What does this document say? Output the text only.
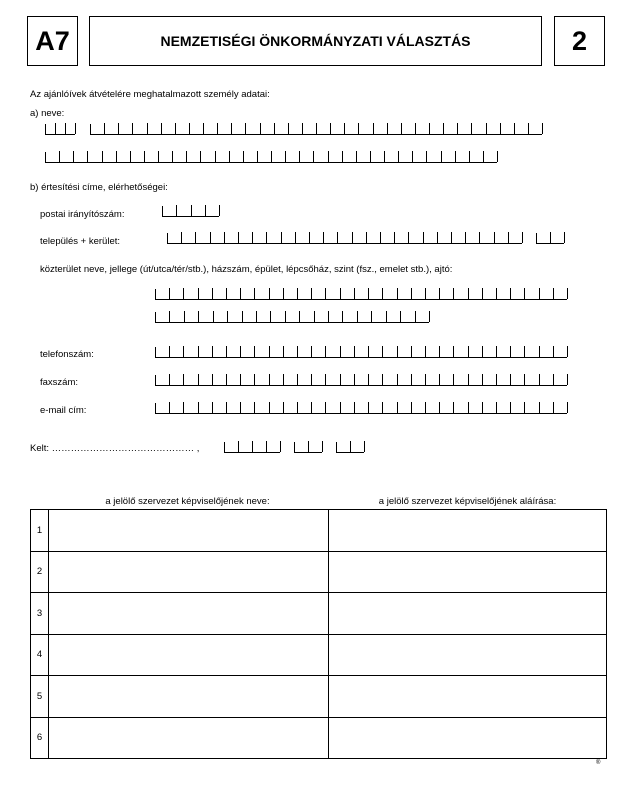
A7	NEMZETISÉGI ÖNKORMÁNYZATI VÁLASZTÁS	2
Az ajánlóívek átvételére meghatalmazott személy adatai:
a) neve:
b) értesítési címe, elérhetőségei:
postai irányítószám:
település + kerület:
közterület neve, jellege (út/utca/tér/stb.), házszám, épület, lépcsőház, szint (fsz., emelet stb.), ajtó:
telefonszám:
faxszám:
e-mail cím:
Kelt: ……………………………………… ,
a jelölő szervezet képviselőjének neve:	a jelölő szervezet képviselőjének aláírása:
1		
2		
3		
4		
5		
6		
®
